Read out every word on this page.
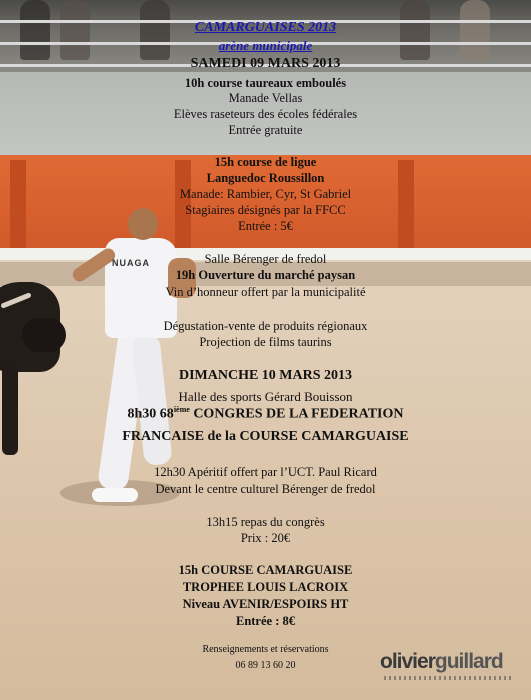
NUAGA
CAMARGUAISES 2013
arène municipale
SAMEDI 09 MARS 2013
10h course taureaux emboulés
Manade Vellas
Elèves raseteurs des écoles fédérales
Entrée gratuite
15h course de ligue
Languedoc Roussillon
Manade: Rambier, Cyr, St Gabriel
Stagiaires désignés par la FFCC
Entrée : 5€
Salle Bérenger de fredol
19h Ouverture du marché paysan
Vin d’honneur offert par la municipalité
Dégustation-vente de produits régionaux
Projection de films taurins
DIMANCHE 10 MARS 2013
Halle des sports Gérard Bouisson
8h30 68ième CONGRES DE LA FEDERATION
FRANCAISE de la COURSE CAMARGUAISE
12h30 Apéritif offert par l’UCT. Paul Ricard
Devant le centre culturel Bérenger de fredol
13h15 repas du congrès
Prix : 20€
15h COURSE CAMARGUAISE
TROPHEE LOUIS LACROIX
Niveau AVENIR/ESPOIRS HT
Entrée : 8€
Renseignements et réservations
06 89 13 60 20	olivierguillard
